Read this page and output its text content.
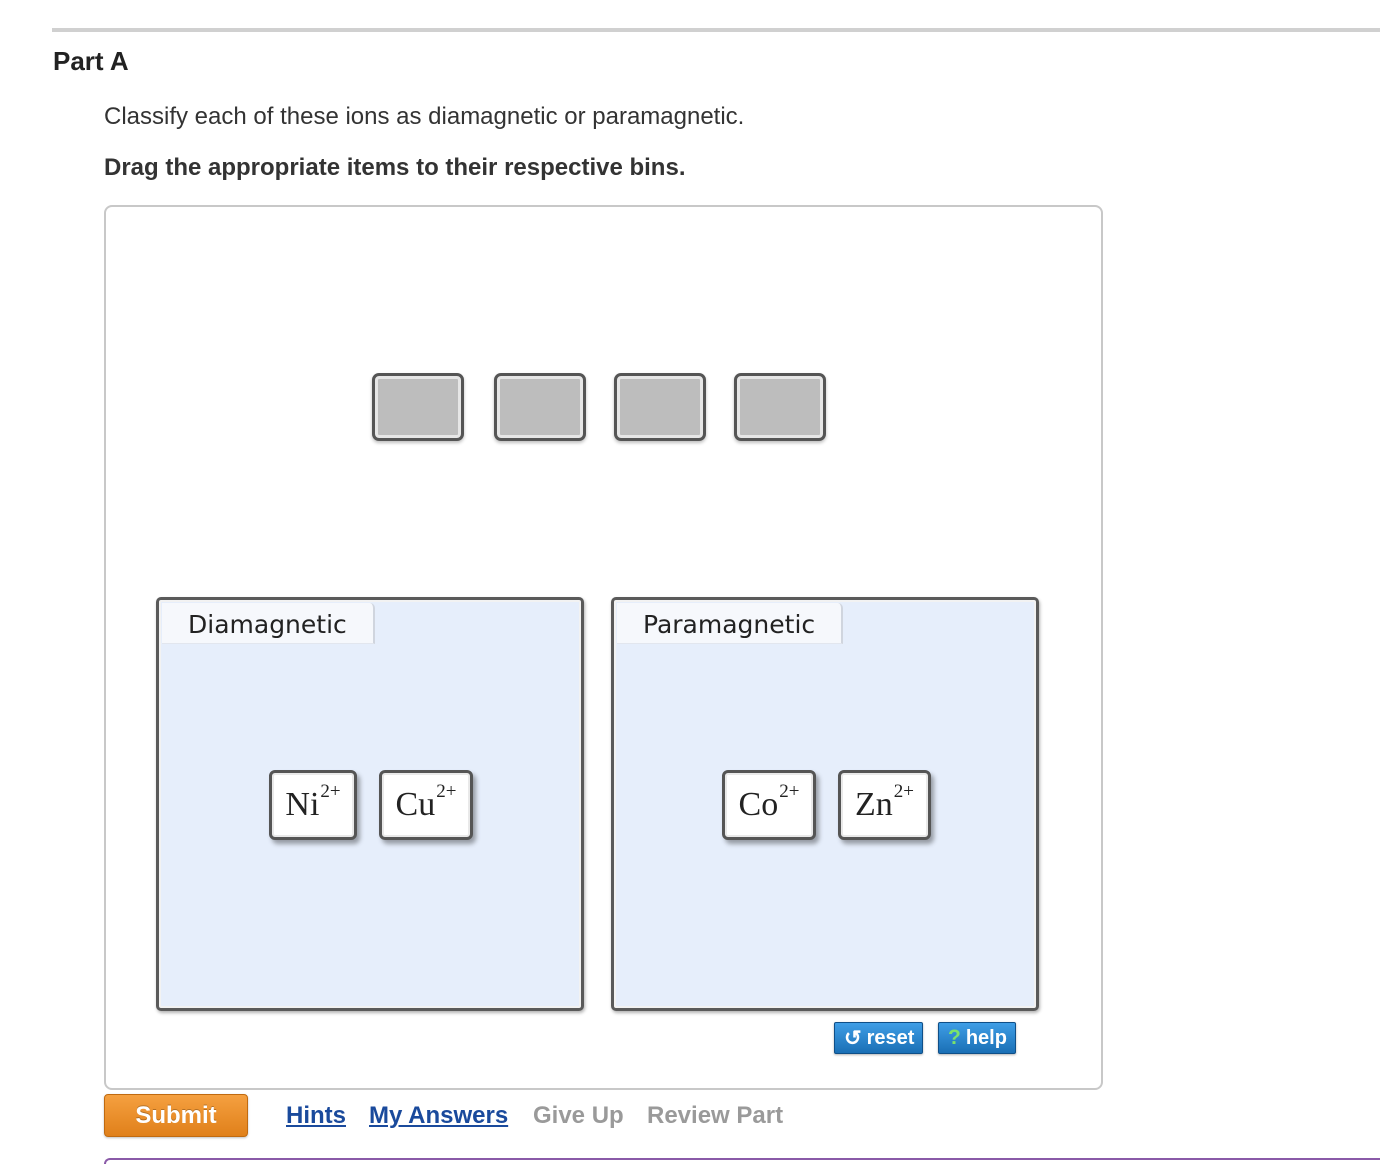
Part A
Classify each of these ions as diamagnetic or paramagnetic.
Drag the appropriate items to their respective bins.
Diamagnetic
Ni 2+ Cu 2+
Paramagnetic
Co 2+ Zn 2+
↺ reset ? help
Submit	Hints My Answers Give Up Review Part
